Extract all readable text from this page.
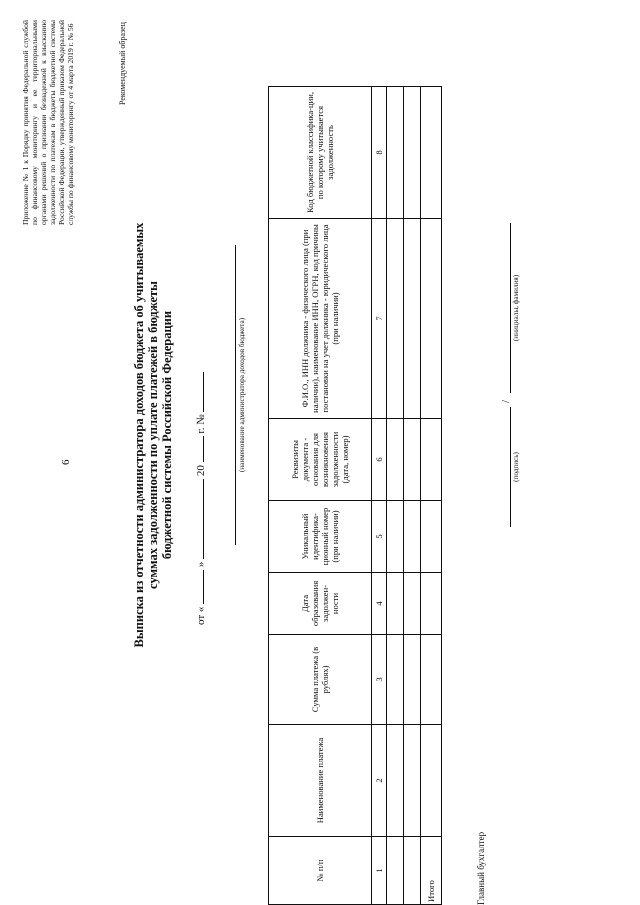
6
Приложение № 1 к Порядку принятия Федеральной службой по финансовому мониторингу и ее территориальными органами решений о признании безнадежной к взысканию задолженности по платежам в бюджеты бюджетной системы Российской Федерации, утвержденный приказом Федеральной службы по финансовому мониторингу от 4 марта 2019 г. № 56	Рекомендуемый образец
Выписка из отчетности администратора доходов бюджета об учитываемых суммах задолженности по уплате платежей в бюджеты бюджетной системы Российской Федерации
от «  »  20  г. №	(наименование администратора доходов бюджета)
№ п/п	Наименование платежа	Сумма платежа (в рублях)	Дата образования задолжен-ности	Уникальный идентифика-ционный номер (при наличии)	Реквизиты документа - основания для возникновения задолженности (дата, номер)	Ф.И.О., ИНН должника - физического лица (при наличии), наименование ИНН, ОГРН, код причины постановки на учет должника - юридического лица (при наличии)	Код бюджетной классифика-ции, по которому учитывается задолженность
1	2	3	4	5	6	7	8

Итого								Главный бухгалтер
/
(подпись)
(инициалы, фамилия)
